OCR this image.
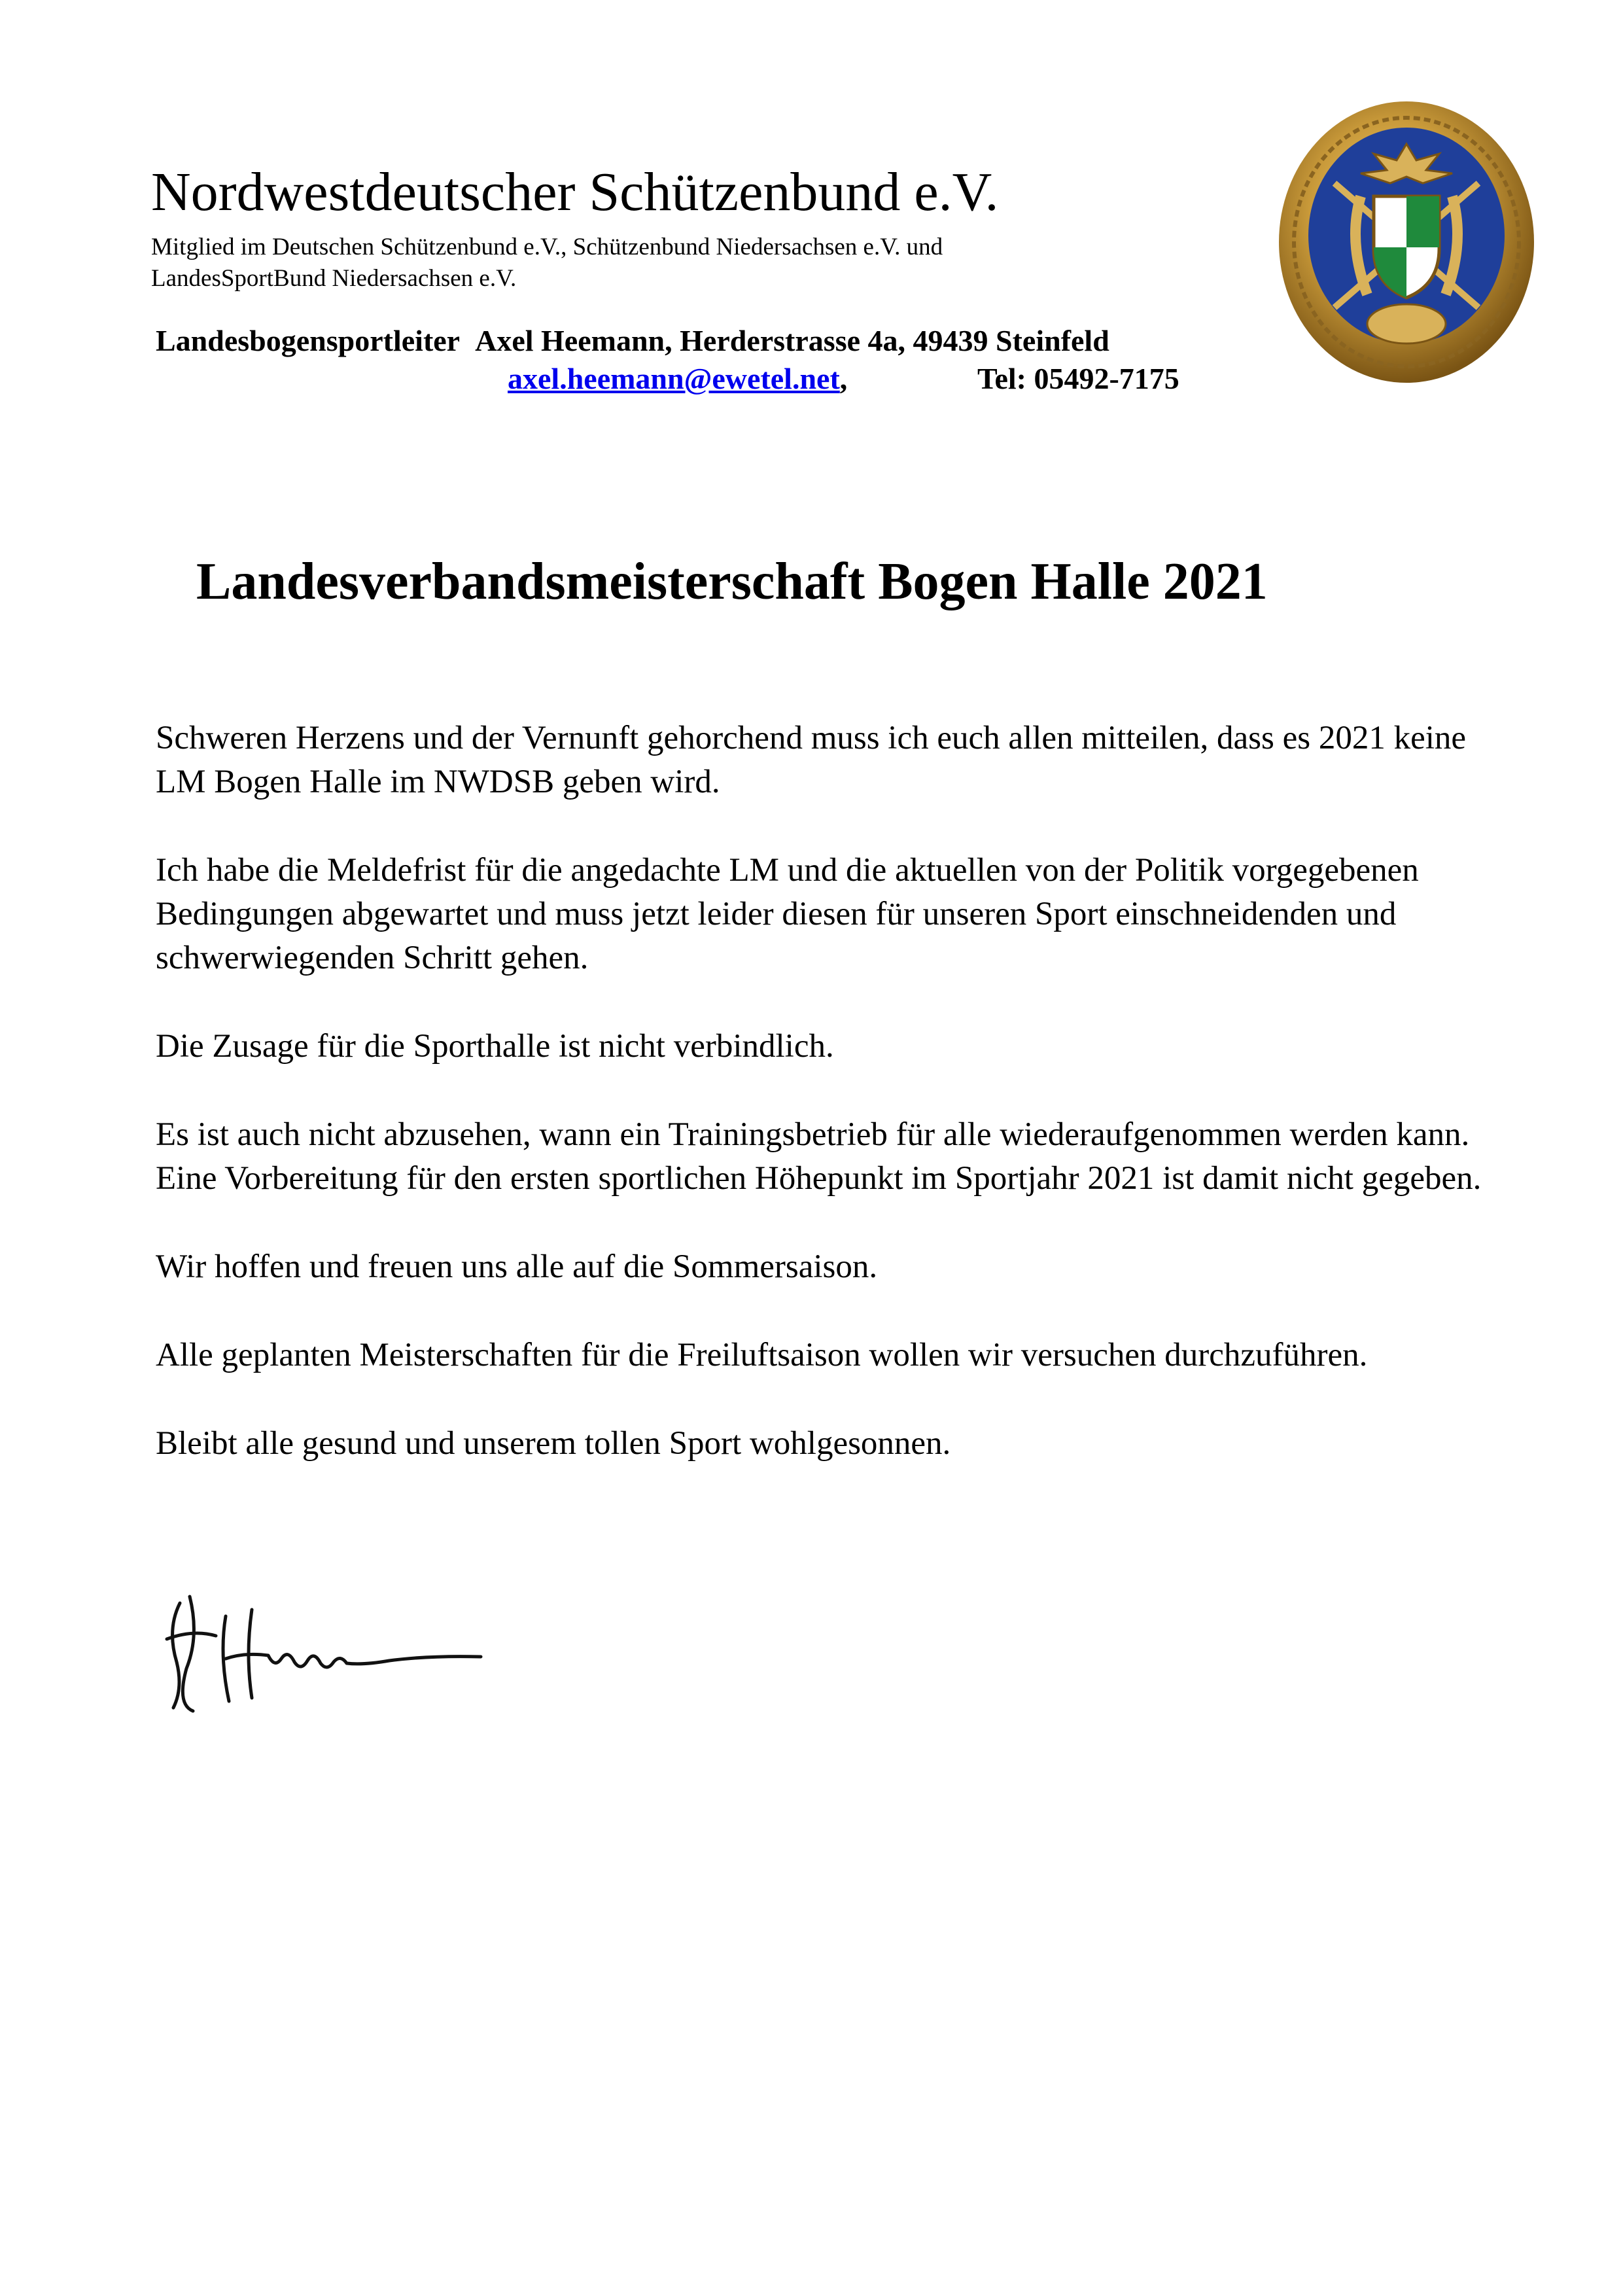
Nordwestdeutscher Schützenbund e.V.
Mitglied im Deutschen Schützenbund e.V., Schützenbund Niedersachsen e.V. und
LandesSportBund Niedersachsen e.V.
Landesbogensportleiter Axel Heemann, Herderstrasse 4a, 49439 Steinfeld
axel.heemann@ewetel.net,	Tel: 05492-7175
Landesverbandsmeisterschaft Bogen Halle 2021

Schweren Herzens und der Vernunft gehorchend muss ich euch allen mitteilen, dass es 2021 keine LM Bogen Halle im NWDSB geben wird.

Ich habe die Meldefrist für die angedachte LM und die aktuellen von der Politik vorgegebenen Bedingungen abgewartet und muss jetzt leider diesen für unseren Sport einschneidenden und schwerwiegenden Schritt gehen.

Die Zusage für die Sporthalle ist nicht verbindlich.

Es ist auch nicht abzusehen, wann ein Trainingsbetrieb für alle wiederaufgenommen werden kann. Eine Vorbereitung für den ersten sportlichen Höhepunkt im Sportjahr 2021 ist damit nicht gegeben.

Wir hoffen und freuen uns alle auf die Sommersaison.

Alle geplanten Meisterschaften für die Freiluftsaison wollen wir versuchen durchzuführen.

Bleibt alle gesund und unserem tollen Sport wohlgesonnen.
